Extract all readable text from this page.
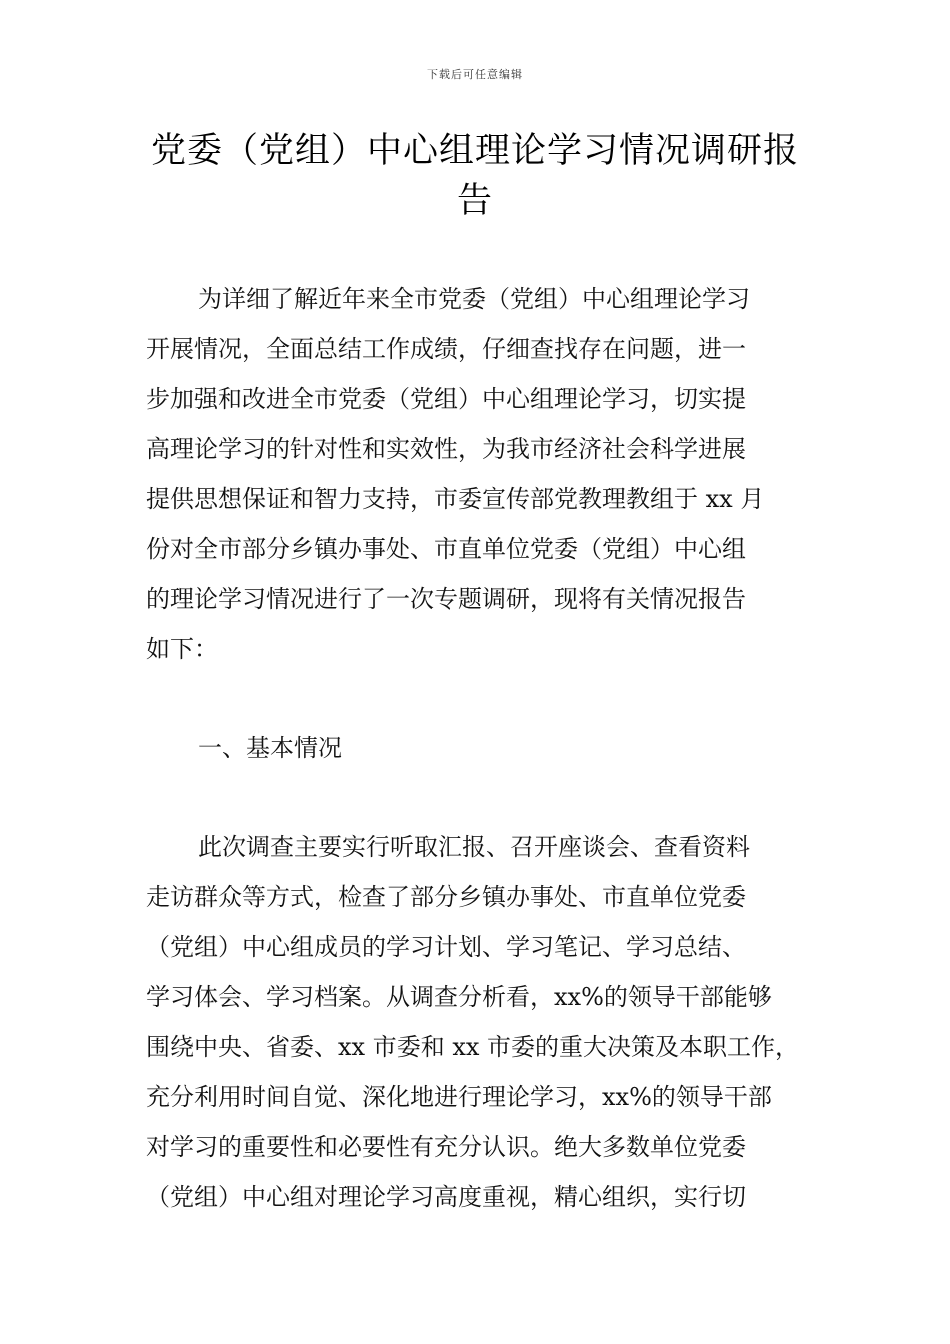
下载后可任意编辑
党委（党组）中心组理论学习情况调研报
告
为详细了解近年来全市党委（党组）中心组理论学习
开展情况，全面总结工作成绩，仔细查找存在问题，进一
步加强和改进全市党委（党组）中心组理论学习，切实提
高理论学习的针对性和实效性，为我市经济社会科学进展
提供思想保证和智力支持，市委宣传部党教理教组于 xx 月
份对全市部分乡镇办事处、市直单位党委（党组）中心组
的理论学习情况进行了一次专题调研，现将有关情况报告
如下：
一、基本情况
此次调查主要实行听取汇报、召开座谈会、查看资料
走访群众等方式，检查了部分乡镇办事处、市直单位党委
（党组）中心组成员的学习计划、学习笔记、学习总结、
学习体会、学习档案。从调查分析看，xx%的领导干部能够
围绕中央、省委、xx 市委和 xx 市委的重大决策及本职工作，
充分利用时间自觉、深化地进行理论学习，xx%的领导干部
对学习的重要性和必要性有充分认识。绝大多数单位党委
（党组）中心组对理论学习高度重视，精心组织，实行切
